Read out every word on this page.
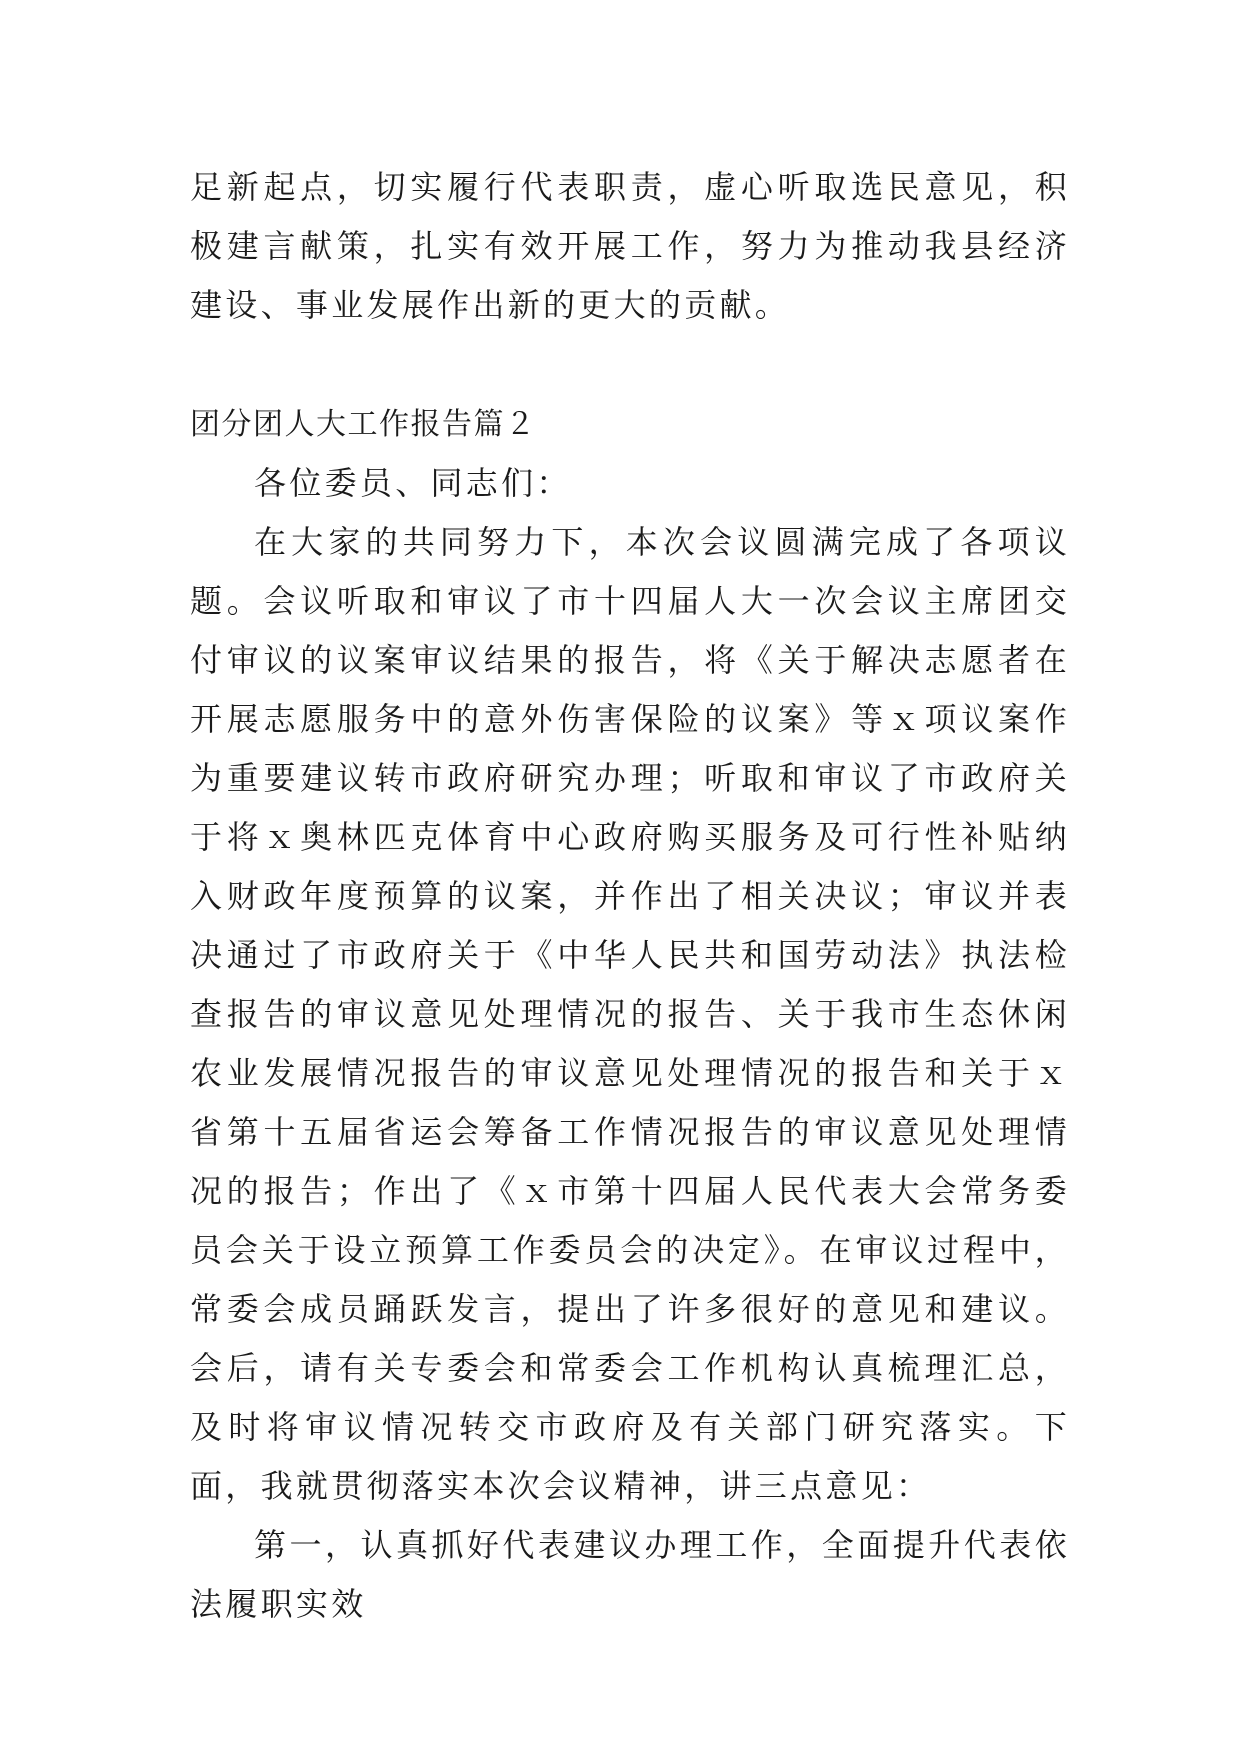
足新起点，切实履行代表职责，虚心听取选民意见，积极建言献策，扎实有效开展工作，努力为推动我县经济建设、事业发展作出新的更大的贡献。

团分团人大工作报告篇２

各位委员、同志们：

在大家的共同努力下，本次会议圆满完成了各项议题。会议听取和审议了市十四届人大一次会议主席团交付审议的议案审议结果的报告，将《关于解决志愿者在开展志愿服务中的意外伤害保险的议案》等ｘ项议案作为重要建议转市政府研究办理；听取和审议了市政府关于将ｘ奥林匹克体育中心政府购买服务及可行性补贴纳入财政年度预算的议案，并作出了相关决议；审议并表决通过了市政府关于《中华人民共和国劳动法》执法检查报告的审议意见处理情况的报告、关于我市生态休闲农业发展情况报告的审议意见处理情况的报告和关于ｘ省第十五届省运会筹备工作情况报告的审议意见处理情况的报告；作出了《ｘ市第十四届人民代表大会常务委员会关于设立预算工作委员会的决定》。在审议过程中，常委会成员踊跃发言，提出了许多很好的意见和建议。会后，请有关专委会和常委会工作机构认真梳理汇总，及时将审议情况转交市政府及有关部门研究落实。下面，我就贯彻落实本次会议精神，讲三点意见：

第一，认真抓好代表建议办理工作，全面提升代表依法履职实效
